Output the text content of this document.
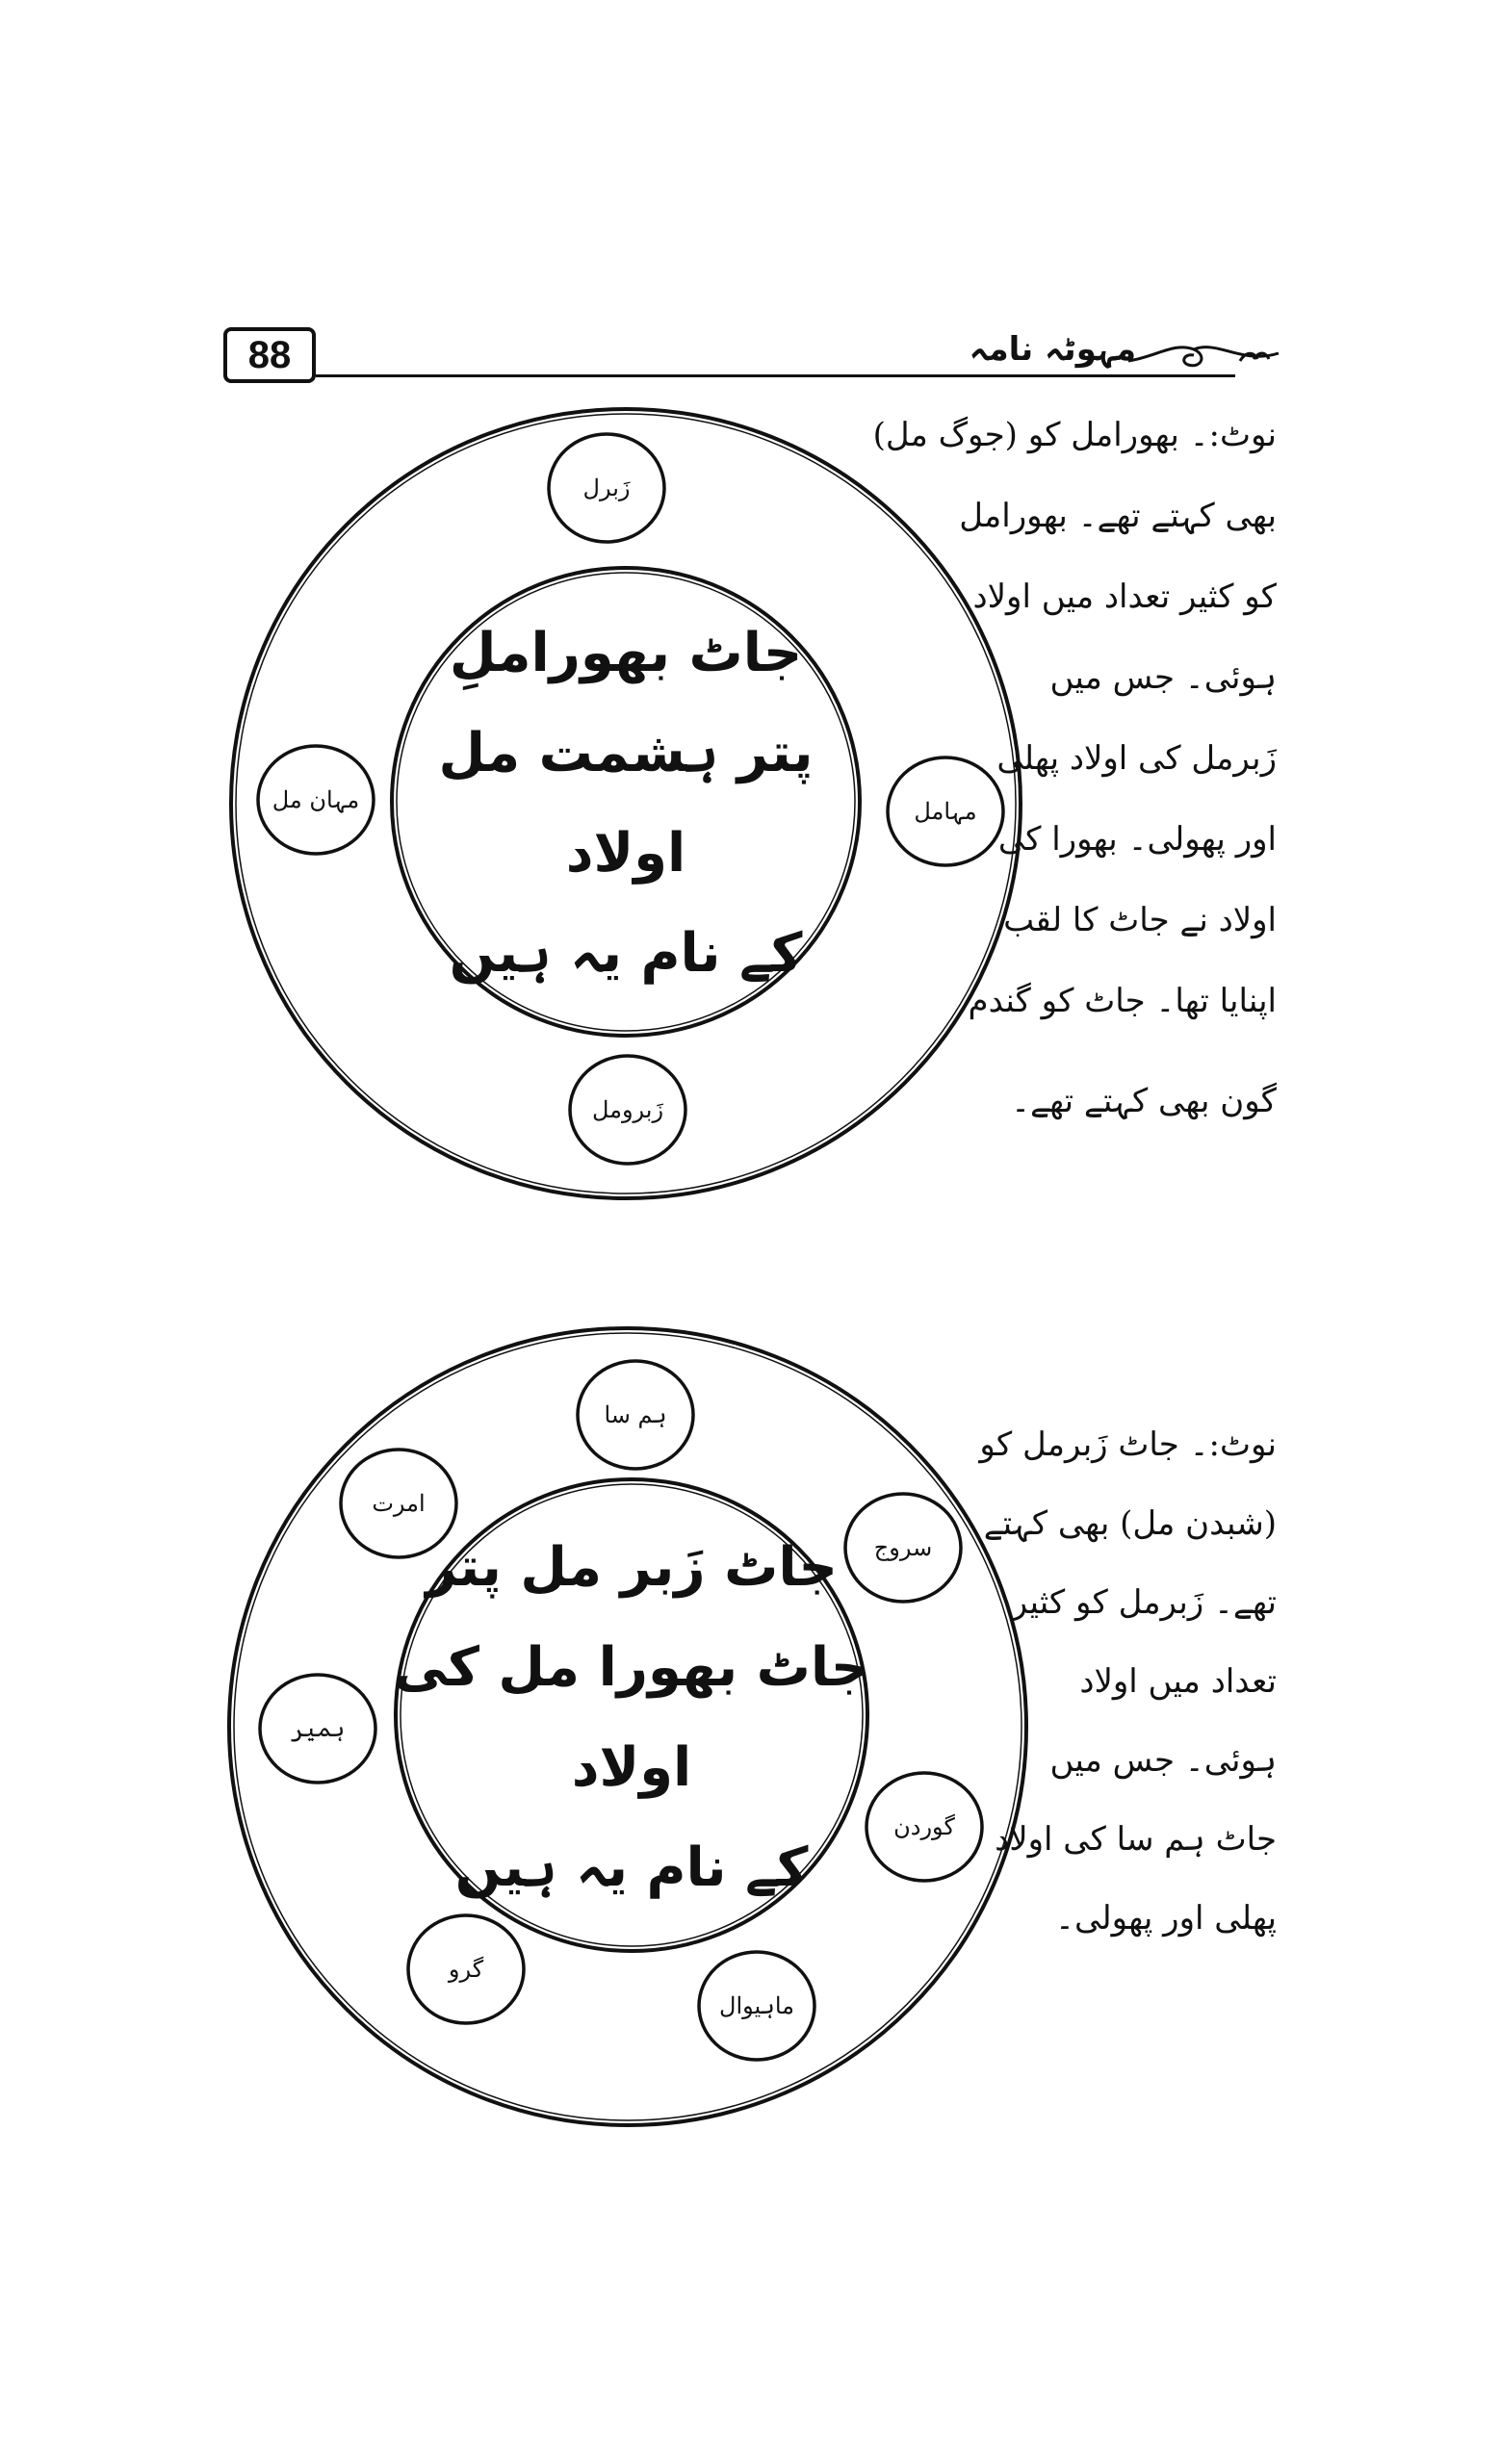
88	مہوٹہ نامہ
جاٹ بھوراملِ
پتر ہشمت مل اولاد
کے نام یہ ہیں
زَبرل
مہامل
زَبرومل
مہان مل
نوٹ:۔ بھورامل کو (جوگ مل)
بھی کہتے تھے۔ بھورامل
کو کثیر تعداد میں اولاد
ہوئی۔ جس میں
زَبرمل کی اولاد پھلی
اور پھولی۔ بھورا کی
اولاد نے جاٹ کا لقب
اپنایا تھا۔ جاٹ کو گندم
گون بھی کہتے تھے۔
جاٹ زَبر مل پتر
جاٹ بھورا مل کی اولاد
کے نام یہ ہیں
ہم سا
سروج
گوردن
ماہیوال
گرو
ہمیر
امرت
نوٹ:۔ جاٹ زَبرمل کو
(شبدن مل) بھی کہتے
تھے۔ زَبرمل کو کثیر
تعداد میں اولاد
ہوئی۔ جس میں
جاٹ ہم سا کی اولاد
پھلی اور پھولی۔
